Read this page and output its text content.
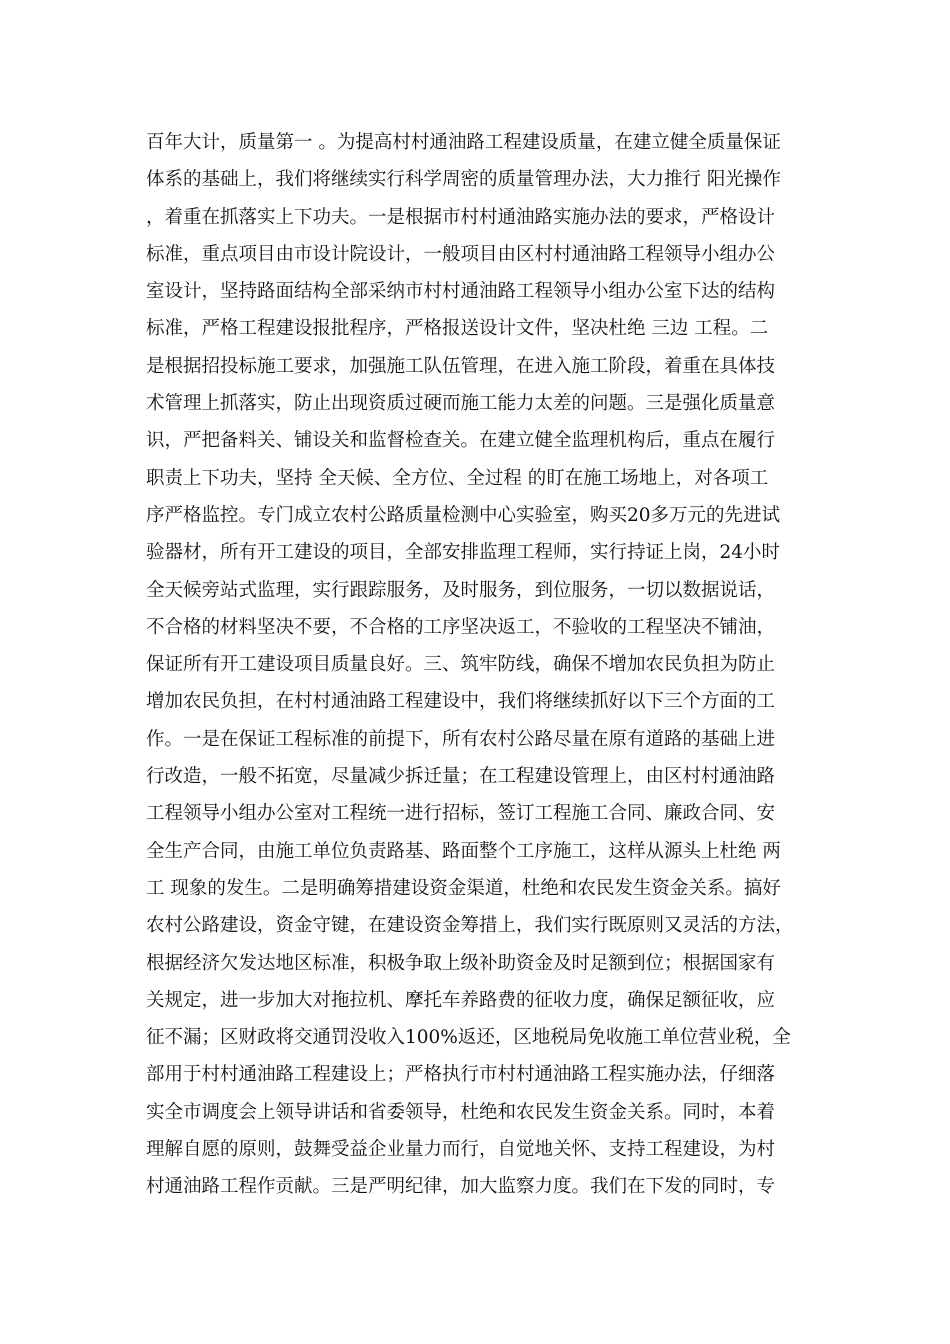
百年大计，质量第一 。为提高村村通油路工程建设质量，在建立健全质量保证
体系的基础上，我们将继续实行科学周密的质量管理办法，大力推行 阳光操作
，着重在抓落实上下功夫。一是根据市村村通油路实施办法的要求，严格设计
标准，重点项目由市设计院设计，一般项目由区村村通油路工程领导小组办公
室设计，坚持路面结构全部采纳市村村通油路工程领导小组办公室下达的结构
标准，严格工程建设报批程序，严格报送设计文件，坚决杜绝 三边 工程。二
是根据招投标施工要求，加强施工队伍管理，在进入施工阶段，着重在具体技
术管理上抓落实，防止出现资质过硬而施工能力太差的问题。三是强化质量意
识，严把备料关、铺设关和监督检查关。在建立健全监理机构后，重点在履行
职责上下功夫，坚持 全天候、全方位、全过程 的盯在施工场地上，对各项工
序严格监控。专门成立农村公路质量检测中心实验室，购买20多万元的先进试
验器材，所有开工建设的项目，全部安排监理工程师，实行持证上岗，24小时
全天候旁站式监理，实行跟踪服务，及时服务，到位服务，一切以数据说话，
不合格的材料坚决不要，不合格的工序坚决返工，不验收的工程坚决不铺油，
保证所有开工建设项目质量良好。三、筑牢防线，确保不增加农民负担为防止
增加农民负担，在村村通油路工程建设中，我们将继续抓好以下三个方面的工
作。一是在保证工程标准的前提下，所有农村公路尽量在原有道路的基础上进
行改造，一般不拓宽，尽量减少拆迁量；在工程建设管理上，由区村村通油路
工程领导小组办公室对工程统一进行招标，签订工程施工合同、廉政合同、安
全生产合同，由施工单位负责路基、路面整个工序施工，这样从源头上杜绝 两
工 现象的发生。二是明确筹措建设资金渠道，杜绝和农民发生资金关系。搞好
农村公路建设，资金守键，在建设资金筹措上，我们实行既原则又灵活的方法，
根据经济欠发达地区标准，积极争取上级补助资金及时足额到位；根据国家有
关规定，进一步加大对拖拉机、摩托车养路费的征收力度，确保足额征收，应
征不漏；区财政将交通罚没收入100%返还，区地税局免收施工单位营业税，全
部用于村村通油路工程建设上；严格执行市村村通油路工程实施办法，仔细落
实全市调度会上领导讲话和省委领导，杜绝和农民发生资金关系。同时，本着
理解自愿的原则，鼓舞受益企业量力而行，自觉地关怀、支持工程建设，为村
村通油路工程作贡献。三是严明纪律，加大监察力度。我们在下发的同时，专
